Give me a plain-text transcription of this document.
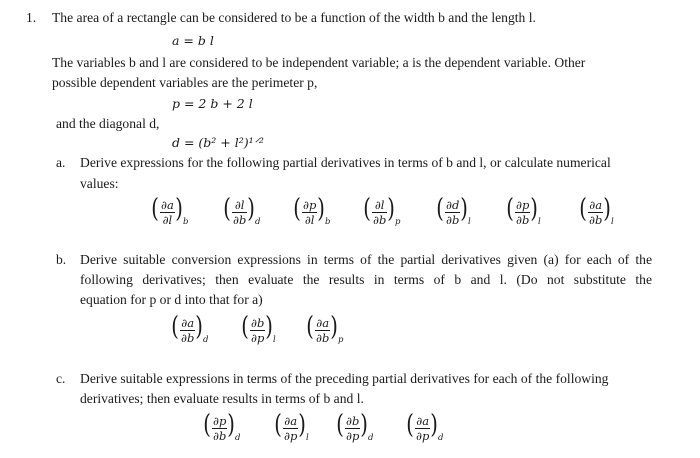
1. The area of a rectangle can be considered to be a function of the width b and the length l.
a = b l
The variables b and l are considered to be independent variable; a is the dependent variable. Other
possible dependent variables are the perimeter p,
p = 2 b + 2 l
and the diagonal d,
d = (b² + l²)¹ᐟ²
a. Derive expressions for the following partial derivatives in terms of b and l, or calculate numerical
values:
( ∂a
∂l ) b ( ∂l
∂b ) d ( ∂p
∂l ) b ( ∂l
∂b ) p ( ∂d
∂b ) l ( ∂p
∂b ) l ( ∂a
∂b ) l
b. Derive suitable conversion expressions in terms of the partial derivatives given (a) for each of the
following derivatives; then evaluate the results in terms of b and l. (Do not substitute the
equation for p or d into that for a)
( ∂a
∂b ) d ( ∂b
∂p ) l ( ∂a
∂b ) p
c. Derive suitable expressions in terms of the preceding partial derivatives for each of the following
derivatives; then evaluate results in terms of b and l.
( ∂p
∂b ) d ( ∂a
∂p ) l ( ∂b
∂p ) d ( ∂a
∂p ) d
